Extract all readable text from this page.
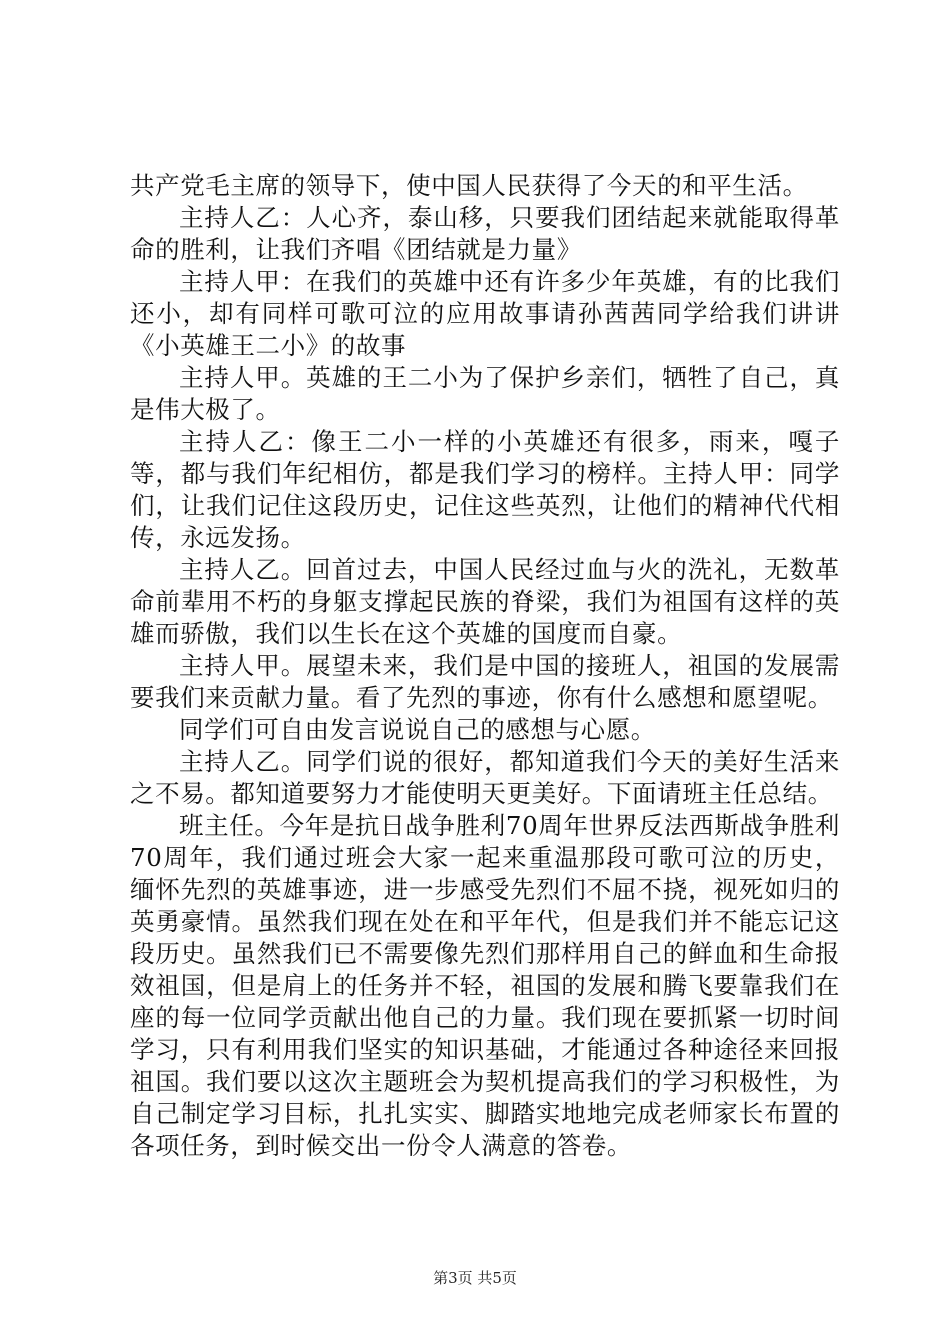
共产党毛主席的领导下，使中国人民获得了今天的和平生活。

主持人乙：人心齐，泰山移，只要我们团结起来就能取得革命的胜利，让我们齐唱《团结就是力量》

主持人甲：在我们的英雄中还有许多少年英雄，有的比我们还小，却有同样可歌可泣的应用故事请孙茜茜同学给我们讲讲《小英雄王二小》的故事

主持人甲。英雄的王二小为了保护乡亲们，牺牲了自己，真是伟大极了。

主持人乙：像王二小一样的小英雄还有很多，雨来，嘎子等，都与我们年纪相仿，都是我们学习的榜样。主持人甲：同学们，让我们记住这段历史，记住这些英烈，让他们的精神代代相传，永远发扬。

主持人乙。回首过去，中国人民经过血与火的洗礼，无数革命前辈用不朽的身躯支撑起民族的脊梁，我们为祖国有这样的英雄而骄傲，我们以生长在这个英雄的国度而自豪。

主持人甲。展望未来，我们是中国的接班人，祖国的发展需要我们来贡献力量。看了先烈的事迹，你有什么感想和愿望呢。

同学们可自由发言说说自己的感想与心愿。

主持人乙。同学们说的很好，都知道我们今天的美好生活来之不易。都知道要努力才能使明天更美好。下面请班主任总结。

班主任。今年是抗日战争胜利70周年世界反法西斯战争胜利70周年，我们通过班会大家一起来重温那段可歌可泣的历史，缅怀先烈的英雄事迹，进一步感受先烈们不屈不挠，视死如归的英勇豪情。虽然我们现在处在和平年代，但是我们并不能忘记这段历史。虽然我们已不需要像先烈们那样用自己的鲜血和生命报效祖国，但是肩上的任务并不轻，祖国的发展和腾飞要靠我们在座的每一位同学贡献出他自己的力量。我们现在要抓紧一切时间学习，只有利用我们坚实的知识基础，才能通过各种途径来回报祖国。我们要以这次主题班会为契机提高我们的学习积极性，为自己制定学习目标，扎扎实实、脚踏实地地完成老师家长布置的各项任务，到时候交出一份令人满意的答卷。

第3页 共5页
